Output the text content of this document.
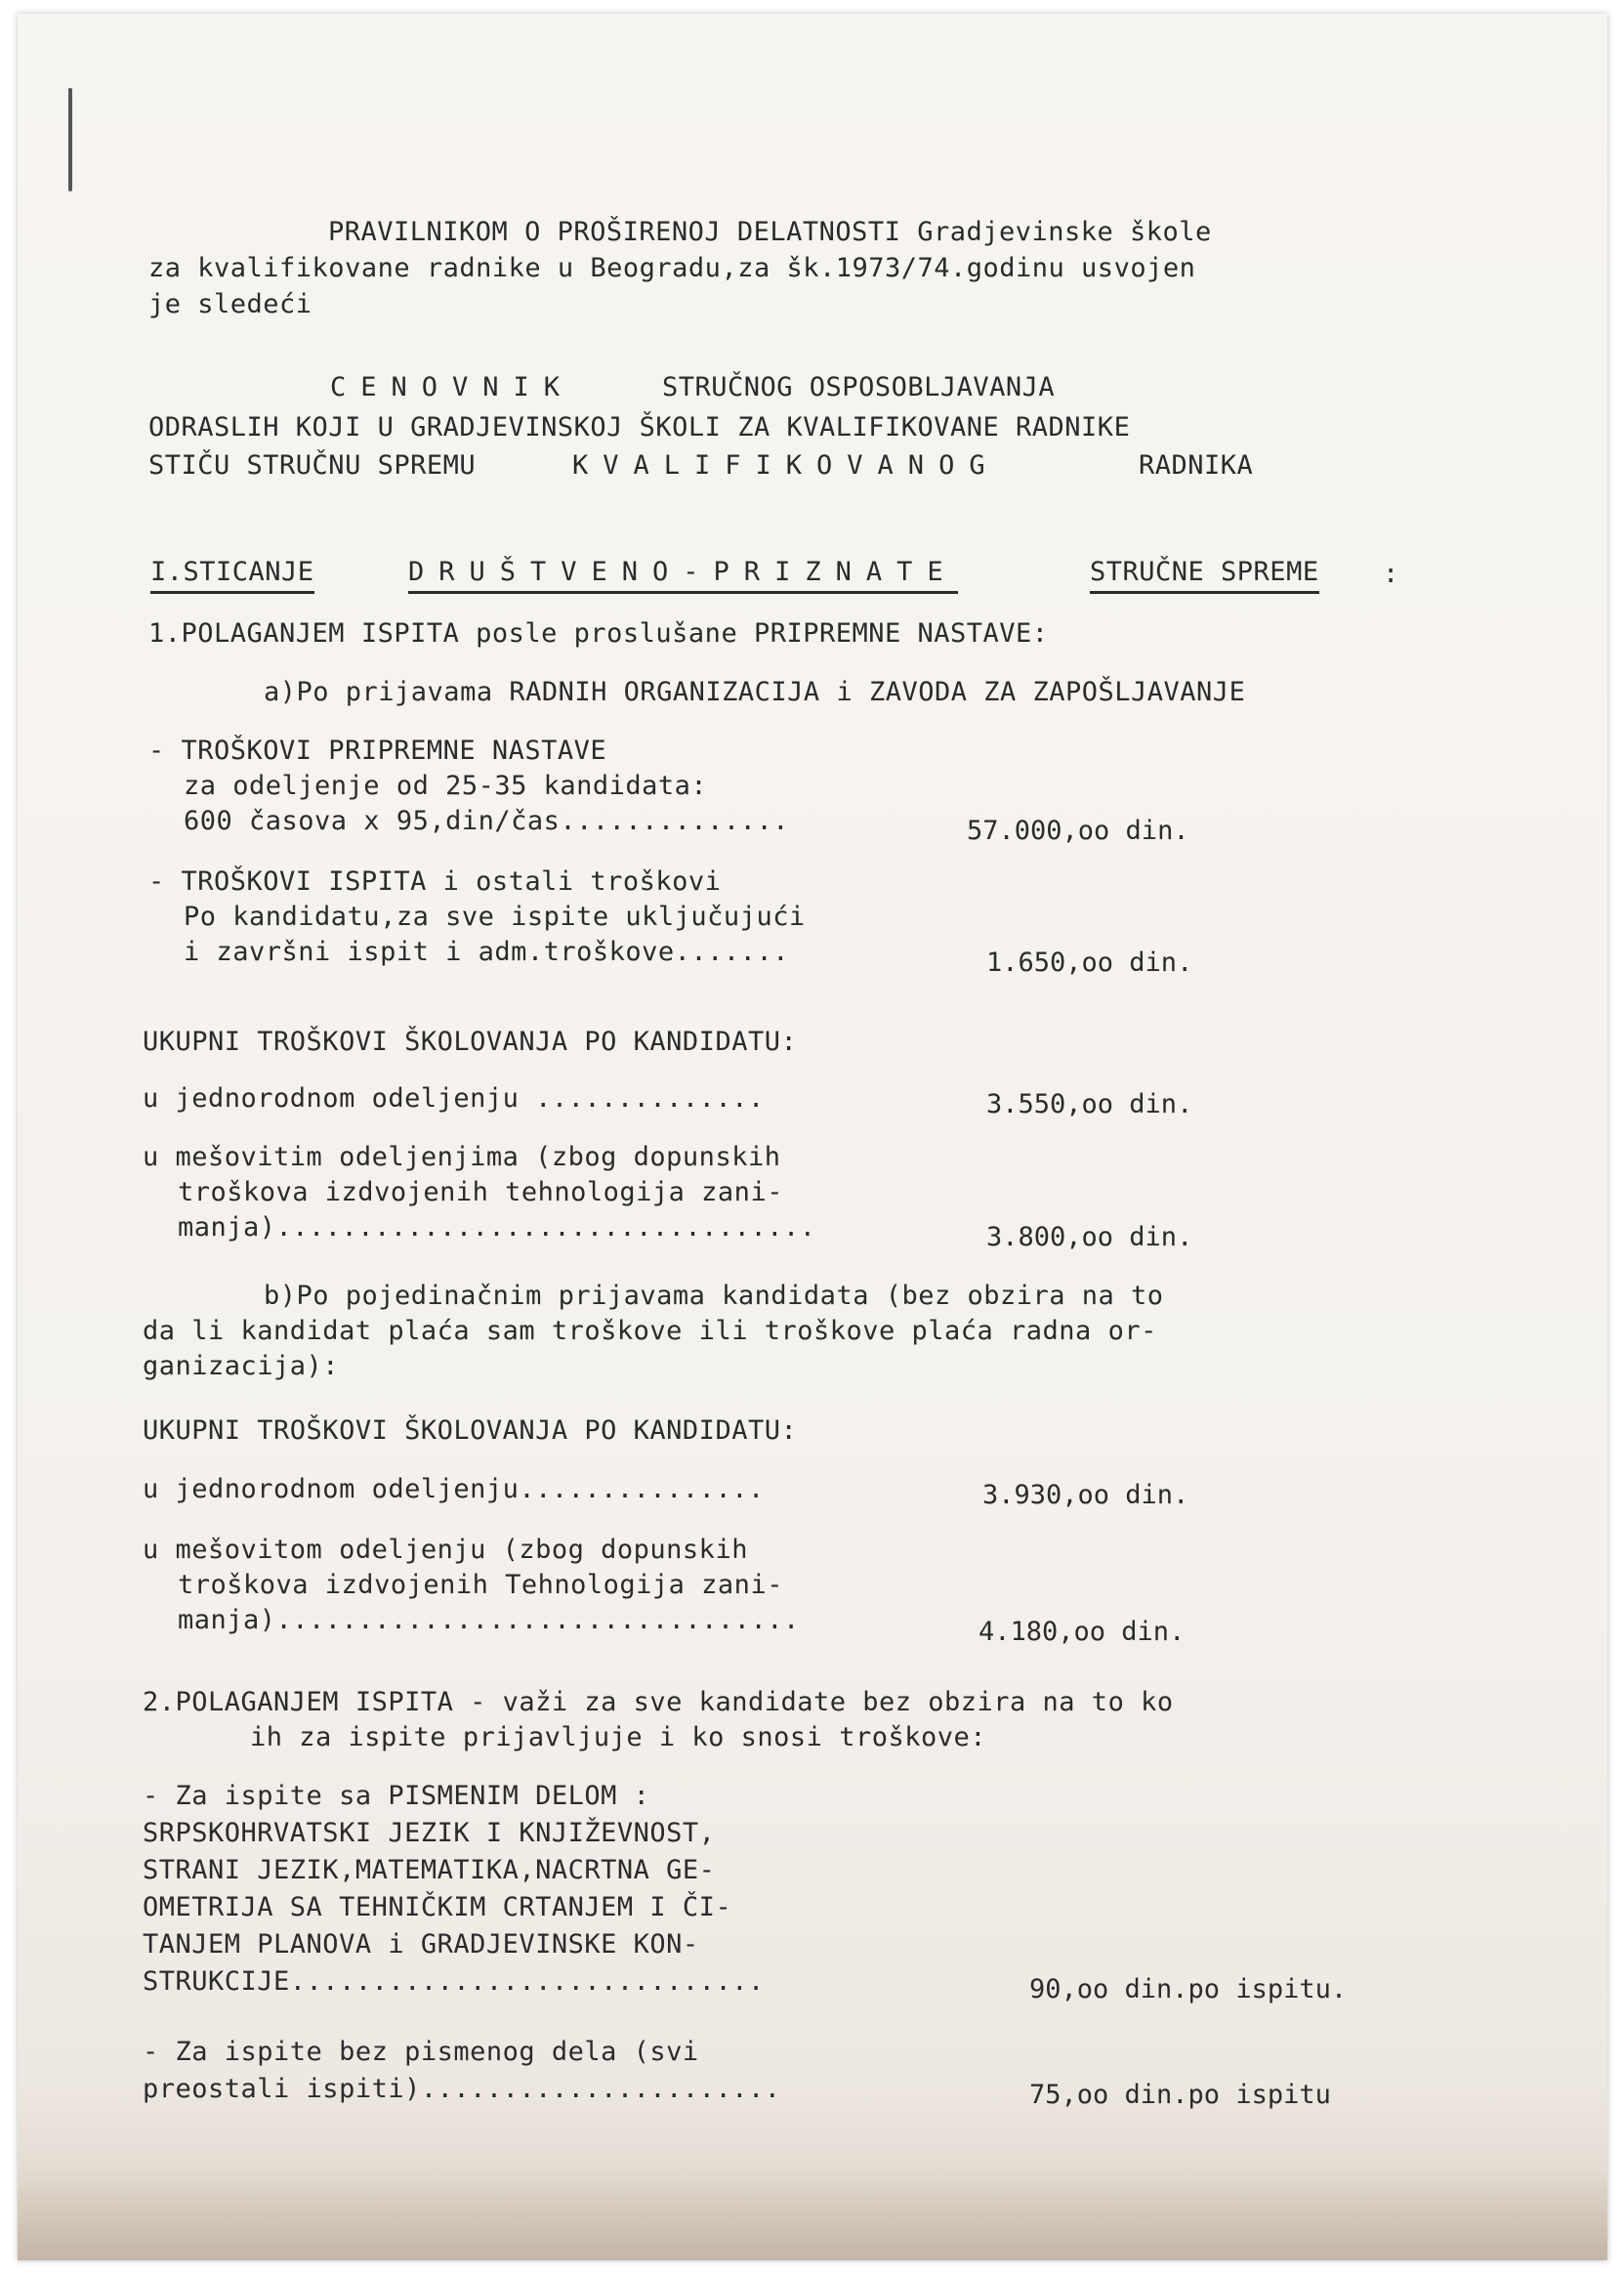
PRAVILNIKOM O PROŠIRENOJ DELATNOSTI Gradjevinske škole
za kvalifikovane radnike u Beogradu,za šk.1973/74.godinu usvojen
je sledeći
CENOVNIK	STRUČNOG OSPOSOBLJAVANJA
ODRASLIH KOJI U GRADJEVINSKOJ ŠKOLI ZA KVALIFIKOVANE RADNIKE
STIČU STRUČNU SPREMU	KVALIFIKOVANOG	RADNIKA
I.STICANJE	DRUŠTVENO-PRIZNATE	STRUČNE SPREME :
1.POLAGANJEM ISPITA posle proslušane PRIPREMNE NASTAVE:
a)Po prijavama RADNIH ORGANIZACIJA i ZAVODA ZA ZAPOŠLJAVANJE
- TROŠKOVI PRIPREMNE NASTAVE
za odeljenje od 25-35 kandidata:
600 časova x 95,din/čas..............	57.000,oo din.
- TROŠKOVI ISPITA i ostali troškovi
Po kandidatu,za sve ispite uključujući
i završni ispit i adm.troškove.......	1.650,oo din.
UKUPNI TROŠKOVI ŠKOLOVANJA PO KANDIDATU:
u jednorodnom odeljenju ..............	3.550,oo din.
u mešovitim odeljenjima (zbog dopunskih
troškova izdvojenih tehnologija zani-
manja).................................	3.800,oo din.
b)Po pojedinačnim prijavama kandidata (bez obzira na to
da li kandidat plaća sam troškove ili troškove plaća radna or-
ganizacija):
UKUPNI TROŠKOVI ŠKOLOVANJA PO KANDIDATU:
u jednorodnom odeljenju...............	3.930,oo din.
u mešovitom odeljenju (zbog dopunskih
troškova izdvojenih Tehnologija zani-
manja)................................	4.180,oo din.
2.POLAGANJEM ISPITA - važi za sve kandidate bez obzira na to ko
ih za ispite prijavljuje i ko snosi troškove:
- Za ispite sa PISMENIM DELOM :
SRPSKOHRVATSKI JEZIK I KNJIŽEVNOST,
STRANI JEZIK,MATEMATIKA,NACRTNA GE-
OMETRIJA SA TEHNIČKIM CRTANJEM I ČI-
TANJEM PLANOVA i GRADJEVINSKE KON-
STRUKCIJE.............................	90,oo din.po ispitu.
- Za ispite bez pismenog dela (svi
preostali ispiti)......................	75,oo din.po ispitu
